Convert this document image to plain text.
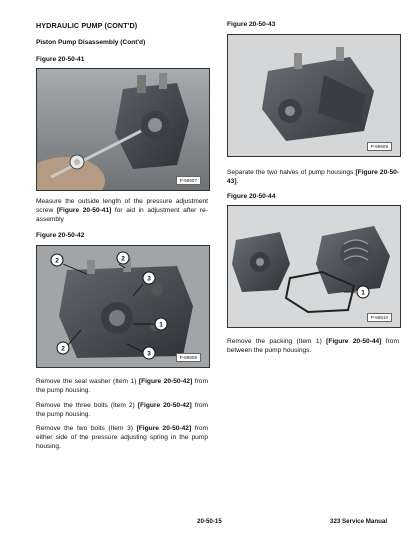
HYDRAULIC PUMP (CONT'D)
Piston Pump Disassembly (Cont'd)
Figure 20-50-41
P-59607
Measure the outside length of the pressure adjustment screw [Figure 20-50-41] for aid in adjustment after re-assembly
Figure 20-50-42
2	2
3
1
2
3	P-59608
Remove the seal washer (Item 1) [Figure 20-50-42] from the pump housing.
Remove the three bolts (Item 2) [Figure 20-50-42] from the pump housing.
Remove the two bolts (Item 3) [Figure 20-50-42] from either side of the pressure adjusting spring in the pump housing.
Figure 20-50-43
P-59609
Separate the two halves of pump housings [Figure 20-50-43].
Figure 20-50-44
1
P-59610
Remove the packing (Item 1) [Figure 20-50-44] from between the pump housings.
20-50-15	323 Service Manual
